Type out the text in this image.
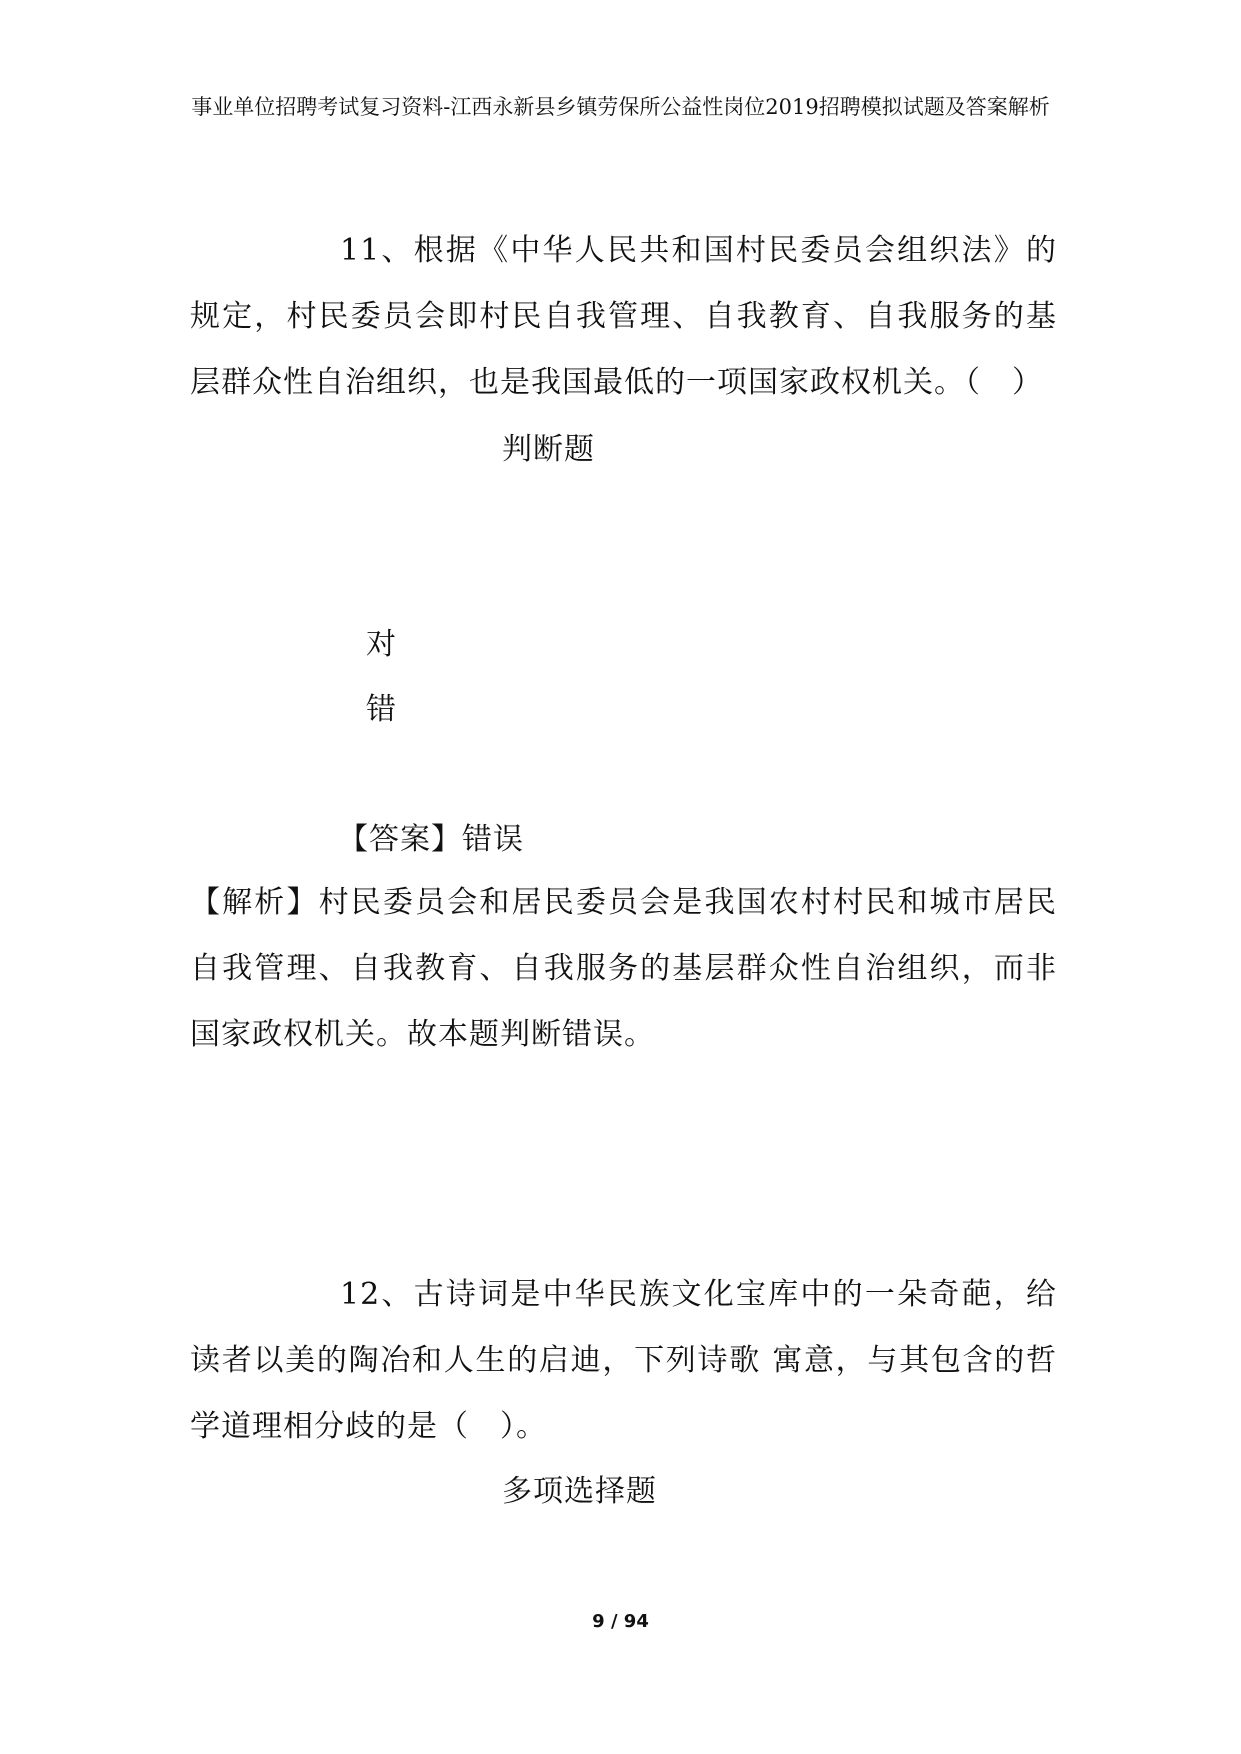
事业单位招聘考试复习资料-江西永新县乡镇劳保所公益性岗位2019招聘模拟试题及答案解析
11、根据《中华人民共和国村民委员会组织法》的规定，村民委员会即村民自我管理、自我教育、自我服务的基层群众性自治组织，也是我国最低的一项国家政权机关。（　）
判断题
对
错
【答案】错误
【解析】村民委员会和居民委员会是我国农村村民和城市居民自我管理、自我教育、自我服务的基层群众性自治组织，而非国家政权机关。故本题判断错误。
12、古诗词是中华民族文化宝库中的一朵奇葩，给读者以美的陶冶和人生的启迪，下列诗歌 寓意，与其包含的哲学道理相分歧的是（　）。
多项选择题
9 / 94
